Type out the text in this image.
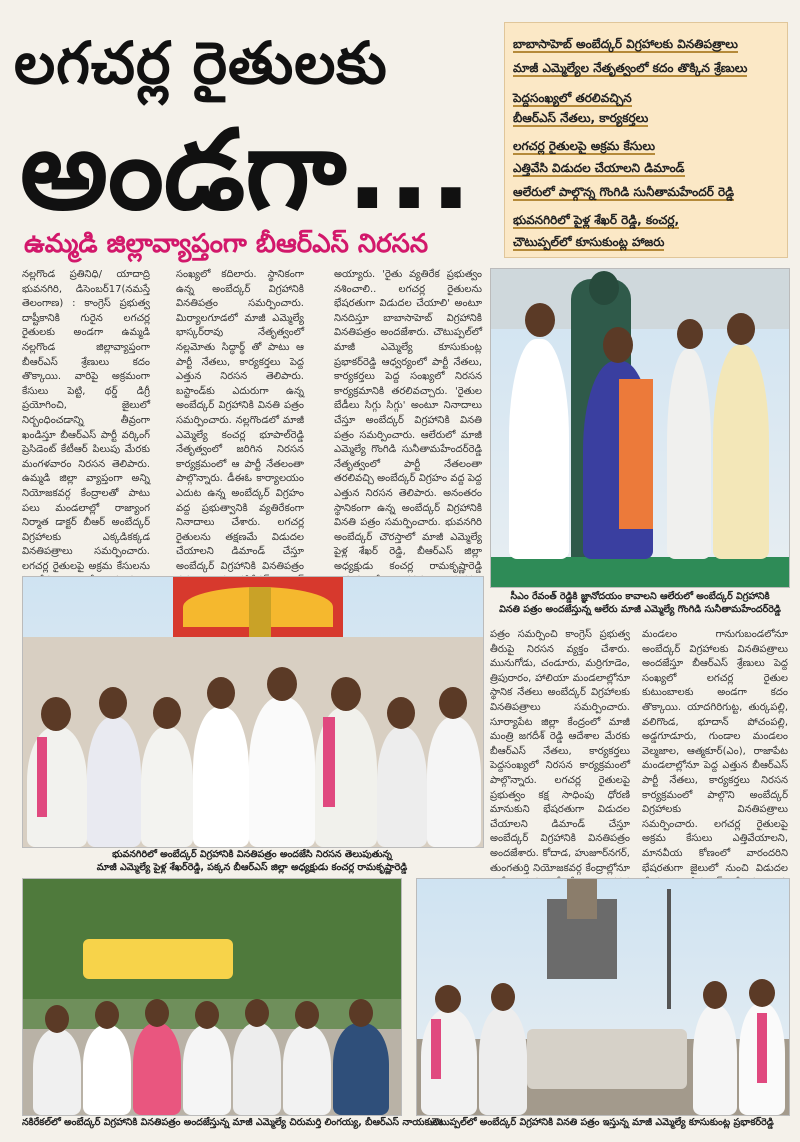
లగచర్ల రైతులకు
అండగా...
ఉమ్మడి జిల్లావ్యాప్తంగా బీఆర్ఎస్ నిరసన
బాబాసాహెబ్ అంబేద్కర్ విగ్రహాలకు వినతిపత్రాలు
మాజీ ఎమ్మెల్యేల నేతృత్వంలో కదం తొక్కిన శ్రేణులు
పెద్దసంఖ్యలో తరలివచ్చిన
బీఆర్ఎస్ నేతలు, కార్యకర్తలు
లగచర్ల రైతులపై అక్రమ కేసులు
ఎత్తివేసి విడుదల చేయాలని డిమాండ్
ఆలేరులో పాల్గొన్న గొంగిడి సునీతామహేందర్ రెడ్డి
భువనగిరిలో పైళ్ల శేఖర్ రెడ్డి, కంచర్ల,
చౌటుప్పల్‌లో కూసుకుంట్ల హాజరు
నల్లగొండ ప్రతినిధి/ యాదాద్రి భువనగిరి, డిసెంబర్17(నమస్తే తెలంగాణ) : కాంగ్రెస్ ప్రభుత్వ దాష్టీకానికి గురైన లగచర్ల రైతులకు అండగా ఉమ్మడి నల్లగొండ జిల్లావ్యాప్తంగా బీఆర్ఎస్ శ్రేణులు కదం తొక్కాయి. వారిపై అక్రమంగా కేసులు పెట్టి, థర్డ్ డిగ్రీ ప్రయోగించి, జైలులో నిర్బంధించడాన్ని తీవ్రంగా ఖండిస్తూ బీఆర్ఎస్ పార్టీ వర్కింగ్ ప్రెసిడెంట్ కేటీఆర్ పిలుపు మేరకు మంగళవారం నిరసన తెలిపారు. ఉమ్మడి జిల్లా వ్యాప్తంగా అన్ని నియోజకవర్గ కేంద్రాలతో పాటు పలు మండలాల్లో రాజ్యాంగ నిర్మాత డాక్టర్ బీఆర్ అంబేద్కర్ విగ్రహాలకు ఎక్కడికక్కడ వినతిపత్రాలు సమర్పించారు. లగచర్ల రైతులపై అక్రమ కేసులను
సంఖ్యలో కదిలారు. స్థానికంగా ఉన్న అంబేద్కర్ విగ్రహానికి వినతిపత్రం సమర్పించారు. మిర్యాలగూడలో మాజీ ఎమ్మెల్యే భాస్కర్‌రావు నేతృత్వంలో నల్లమోతు సిద్ధార్థ్ తో పాటు ఆ పార్టీ నేతలు, కార్యకర్తలు పెద్ద ఎత్తున నిరసన తెలిపారు. బస్టాండ్‌కు ఎదురుగా ఉన్న అంబేద్కర్ విగ్రహానికి వినతి పత్రం సమర్పించారు. నల్లగొండలో మాజీ ఎమ్మెల్యే కంచర్ల భూపాల్‌రెడ్డి నేతృత్వంలో జరిగిన నిరసన కార్యక్రమంలో ఆ పార్టీ నేతలంతా పాల్గొన్నారు. డీఈఓ కార్యాలయం ఎదుట ఉన్న అంబేద్కర్ విగ్రహం వద్ద ప్రభుత్వానికి వ్యతిరేకంగా నినాదాలు చేశారు. లగచర్ల రైతులను తక్షణమే విడుదల చేయాలని డిమాండ్ చేస్తూ అంబేద్కర్ విగ్రహానికి వినతిపత్రం
అయ్యారు. 'రైతు వ్యతిరేక ప్రభుత్వం నశించాలి.. లగచర్ల రైతులను భేషరతుగా విడుదల చేయాలి' అంటూ నినదిస్తూ బాబాసాహెబ్ విగ్రహానికి వినతిపత్రం అందజేశారు. చౌటుప్పల్‌లో మాజీ ఎమ్మెల్యే కూసుకుంట్ల ప్రభాకర్‌రెడ్డి ఆధ్వర్యంలో పార్టీ నేతలు, కార్యకర్తలు పెద్ద సంఖ్యలో నిరసన కార్యక్రమానికి తరలివచ్చారు. 'రైతుల బేడీలు సిగ్గు సిగ్గు' అంటూ నినాదాలు చేస్తూ అంబేద్కర్ విగ్రహానికి వినతి పత్రం సమర్పించారు. ఆలేరులో మాజీ ఎమ్మెల్యే గొంగిడి సునీతామహేందర్‌రెడ్డి నేతృత్వంలో పార్టీ నేతలంతా తరలివచ్చి అంబేద్కర్ విగ్రహం వద్ద పెద్ద ఎత్తున నిరసన తెలిపారు. అనంతరం స్థానికంగా ఉన్న అంబేద్కర్ విగ్రహానికి వినతి పత్రం సమర్పించారు. భువనగిరి అంబేద్కర్ చౌరస్తాలో మాజీ ఎమ్మెల్యే పైళ్ల శేఖర్ రెడ్డి, బీఆర్ఎస్ జిల్లా అధ్యక్షుడు కంచర్ల రామకృష్ణారెడ్డి
సీఎం రేవంత్ రెడ్డికి జ్ఞానోదయం కావాలని ఆలేరులో అంబేద్కర్ విగ్రహానికి
వినతి పత్రం అందజేస్తున్న ఆలేరు మాజీ ఎమ్మెల్యే గొంగిడి సునీతామహేందర్‌రెడ్డి
భువనగిరిలో అంబేద్కర్ విగ్రహానికి వినతిపత్రం అందజేసి నిరసన తెలుపుతున్న
మాజీ ఎమ్మెల్యే పైళ్ల శేఖర్‌రెడ్డి, పక్కన బీఆర్ఎస్ జిల్లా అధ్యక్షుడు కంచర్ల రామకృష్ణారెడ్డి
పత్రం సమర్పించి కాంగ్రెస్ ప్రభుత్వ తీరుపై నిరసన వ్యక్తం చేశారు. మునుగోడు, చండూరు, మర్రిగూడెం, త్రిపురారం, హాలియా మండలాల్లోనూ స్థానిక నేతలు అంబేద్కర్ విగ్రహాలకు వినతిపత్రాలు సమర్పించారు. సూర్యాపేట జిల్లా కేంద్రంలో మాజీ మంత్రి జగదీశ్ రెడ్డి ఆదేశాల మేరకు బీఆర్ఎస్ నేతలు, కార్యకర్తలు పెద్దసంఖ్యలో నిరసన కార్యక్రమంలో పాల్గొన్నారు. లగచర్ల రైతులపై ప్రభుత్వం కక్ష సాధింపు ధోరణి మానుకుని భేషరతుగా విడుదల చేయాలని డిమాండ్ చేస్తూ అంబేద్కర్ విగ్రహానికి వినతిపత్రం అందజేశారు. కోదాడ, హుజూర్‌నగర్, తుంగతుర్తి నియోజకవర్గ కేంద్రాల్లోనూ
మండలం గానుగుబండలోనూ అంబేద్కర్ విగ్రహాలకు వినతిపత్రాలు అందజేస్తూ బీఆర్ఎస్ శ్రేణులు పెద్ద సంఖ్యలో లగచర్ల రైతుల కుటుంబాలకు అండగా కదం తొక్కాయి. యాదగిరిగుట్ట, తుర్కపల్లి, వలిగొండ, భూదాన్ పోచంపల్లి, అడ్డగూడూరు, గుండాల మండలం వెల్మజాల, ఆత్మకూర్(ఎం), రాజాపేట మండలాల్లోనూ పెద్ద ఎత్తున బీఆర్ఎస్ పార్టీ నేతలు, కార్యకర్తలు నిరసన కార్యక్రమంలో పాల్గొని అంబేద్కర్ విగ్రహాలకు వినతిపత్రాలు సమర్పించారు. లగచర్ల రైతులపై అక్రమ కేసులు ఎత్తివేయాలని, మానవీయ కోణంలో వారందరిని భేషరతుగా జైలులో నుంచి విడుదల
నకిరేకల్‌లో అంబేద్కర్ విగ్రహానికి వినతిపత్రం అందజేస్తున్న మాజీ ఎమ్మెల్యే చిరుమర్తి లింగయ్య, బీఆర్ఎస్ నాయకులు
చౌటుప్పల్‌లో అంబేద్కర్ విగ్రహానికి వినతి పత్రం ఇస్తున్న మాజీ ఎమ్మెల్యే కూసుకుంట్ల ప్రభాకర్‌రెడ్డి
